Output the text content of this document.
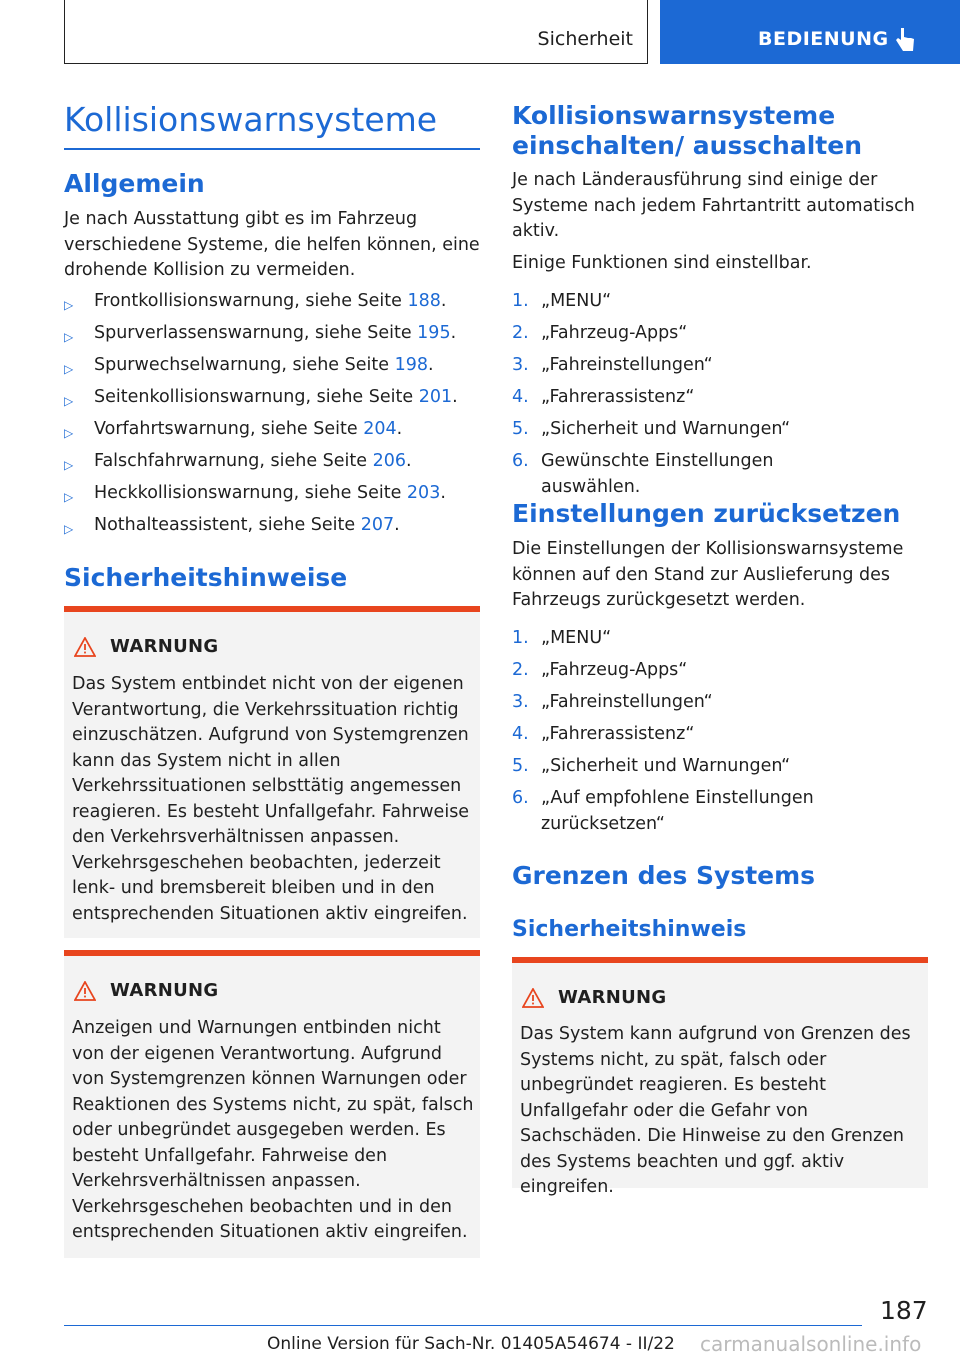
Sicherheit	BEDIENUNG
Kollisionswarnsysteme
Allgemein

Je nach Ausstattung gibt es im Fahrzeug verschiedene Systeme, die helfen können, eine drohende Kollision zu vermeiden.

▷	Frontkollisionswarnung, siehe Seite
188 .
▷	Spurverlassenswarnung, siehe Seite
195 .
▷	Spurwechselwarnung, siehe Seite
198 .
▷	Seitenkollisionswarnung, siehe Seite
201 .
▷	Vorfahrtswarnung, siehe Seite
204 .
▷	Falschfahrwarnung, siehe Seite
206 .
▷	Heckkollisionswarnung, siehe Seite
203 .
▷	Nothalteassistent, siehe Seite
207 .
Sicherheitshinweise
WARNUNG

Das System entbindet nicht von der eigenen Verantwortung, die Verkehrssituation richtig einzuschätzen. Aufgrund von Systemgrenzen kann das System nicht in allen Verkehrssituationen selbsttätig angemessen reagieren. Es besteht Unfallgefahr. Fahrweise den Verkehrsverhältnissen anpassen. Verkehrsgeschehen beobachten, jederzeit lenk- und bremsbereit bleiben und in den entsprechenden Situationen aktiv eingreifen.

WARNUNG

Anzeigen und Warnungen entbinden nicht von der eigenen Verantwortung. Aufgrund von Systemgrenzen können Warnungen oder Reaktionen des Systems nicht, zu spät, falsch oder unbegründet ausgegeben werden. Es besteht Unfallgefahr. Fahrweise den Verkehrsverhältnissen anpassen. Verkehrsgeschehen beobachten und in den entsprechenden Situationen aktiv eingreifen.

Kollisionswarnsysteme einschalten/ ausschalten

Je nach Länderausführung sind einige der Systeme nach jedem Fahrtantritt automatisch aktiv.

Einige Funktionen sind einstellbar.

1. „MENU“
2. „Fahrzeug-Apps“
3. „Fahreinstellungen“
4. „Fahrerassistenz“
5. „Sicherheit und Warnungen“
6. Gewünschte Einstellungen auswählen.
Einstellungen zurücksetzen

Die Einstellungen der Kollisionswarnsysteme können auf den Stand zur Auslieferung des Fahrzeugs zurückgesetzt werden.

1. „MENU“
2. „Fahrzeug-Apps“
3. „Fahreinstellungen“
4. „Fahrerassistenz“
5. „Sicherheit und Warnungen“
6. „Auf empfohlene Einstellungen zurücksetzen“
Grenzen des Systems
Sicherheitshinweis
WARNUNG

Das System kann aufgrund von Grenzen des Systems nicht, zu spät, falsch oder unbegründet reagieren. Es besteht Unfallgefahr oder die Gefahr von Sachschäden. Die Hinweise zu den Grenzen des Systems beachten und ggf. aktiv eingreifen.

187
Online Version für Sach-Nr. 01405A54674 - II/22 carmanualsonline.info
